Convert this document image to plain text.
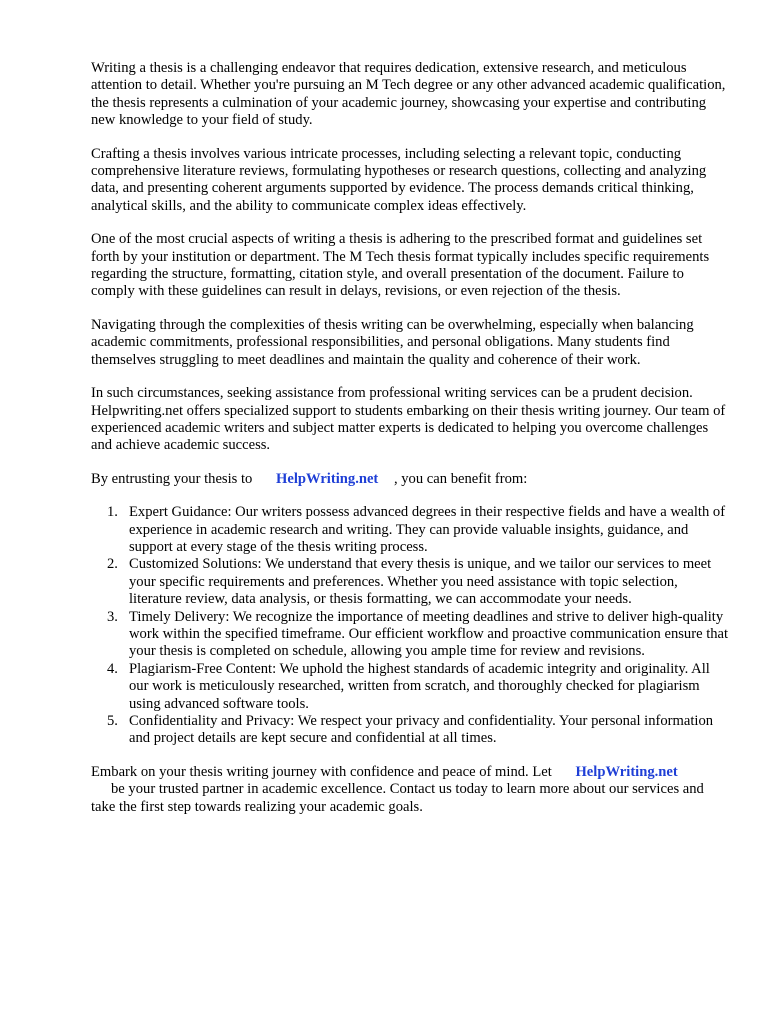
Writing a thesis is a challenging endeavor that requires dedication, extensive research, and meticulous attention to detail. Whether you're pursuing an M Tech degree or any other advanced academic qualification, the thesis represents a culmination of your academic journey, showcasing your expertise and contributing new knowledge to your field of study.

Crafting a thesis involves various intricate processes, including selecting a relevant topic, conducting comprehensive literature reviews, formulating hypotheses or research questions, collecting and analyzing data, and presenting coherent arguments supported by evidence. The process demands critical thinking, analytical skills, and the ability to communicate complex ideas effectively.

One of the most crucial aspects of writing a thesis is adhering to the prescribed format and guidelines set forth by your institution or department. The M Tech thesis format typically includes specific requirements regarding the structure, formatting, citation style, and overall presentation of the document. Failure to comply with these guidelines can result in delays, revisions, or even rejection of the thesis.

Navigating through the complexities of thesis writing can be overwhelming, especially when balancing academic commitments, professional responsibilities, and personal obligations. Many students find themselves struggling to meet deadlines and maintain the quality and coherence of their work.

In such circumstances, seeking assistance from professional writing services can be a prudent decision. Helpwriting.net offers specialized support to students embarking on their thesis writing journey. Our team of experienced academic writers and subject matter experts is dedicated to helping you overcome challenges and achieve academic success.

By entrusting your thesis to HelpWriting.net , you can benefit from:

1. Expert Guidance: Our writers possess advanced degrees in their respective fields and have a wealth of experience in academic research and writing. They can provide valuable insights, guidance, and support at every stage of the thesis writing process.
2. Customized Solutions: We understand that every thesis is unique, and we tailor our services to meet your specific requirements and preferences. Whether you need assistance with topic selection, literature review, data analysis, or thesis formatting, we can accommodate your needs.
3. Timely Delivery: We recognize the importance of meeting deadlines and strive to deliver high-quality work within the specified timeframe. Our efficient workflow and proactive communication ensure that your thesis is completed on schedule, allowing you ample time for review and revisions.
4. Plagiarism-Free Content: We uphold the highest standards of academic integrity and originality. All our work is meticulously researched, written from scratch, and thoroughly checked for plagiarism using advanced software tools.
5. Confidentiality and Privacy: We respect your privacy and confidentiality. Your personal information and project details are kept secure and confidential at all times.

Embark on your thesis writing journey with confidence and peace of mind. Let HelpWriting.net
be your trusted partner in academic excellence. Contact us today to learn more about our services and take the first step towards realizing your academic goals.
